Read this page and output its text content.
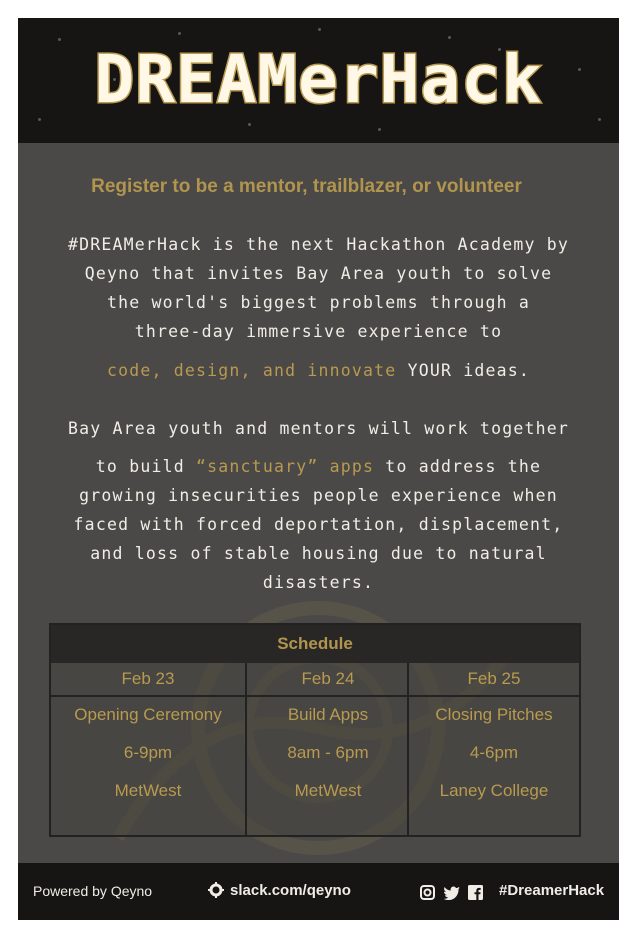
DREAMerHack
Register to be a mentor, trailblazer, or volunteer
#DREAMerHack is the next Hackathon Academy by
Qeyno that invites Bay Area youth to solve
the world's biggest problems through a
three-day immersive experience to
code, design, and innovate YOUR ideas.
Bay Area youth and mentors will work together
to build “sanctuary” apps to address the
growing insecurities people experience when
faced with forced deportation, displacement,
and loss of stable housing due to natural
disasters.
Schedule
Feb 23
Opening Ceremony
6-9pm
MetWest
Feb 24
Build Apps
8am - 6pm
MetWest
Feb 25
Closing Pitches
4-6pm
Laney College
Powered by Qeyno	slack.com/qeyno
	#DreamerHack
